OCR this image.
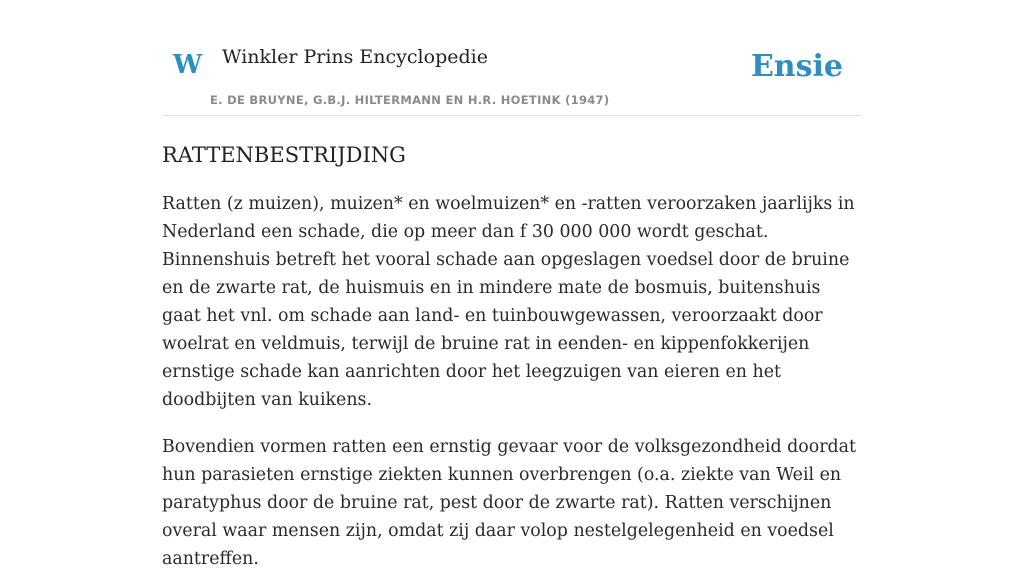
W Winkler Prins Encyclopedie
E. DE BRUYNE, G.B.J. HILTERMANN EN H.R. HOETINK (1947)
Ensie
RATTENBESTRIJDING

Ratten (z muizen), muizen* en woelmuizen* en -ratten veroorzaken jaarlijks in Nederland een schade, die op meer dan f 30 000 000 wordt geschat. Binnenshuis betreft het vooral schade aan opgeslagen voedsel door de bruine en de zwarte rat, de huismuis en in mindere mate de bosmuis, buitenshuis gaat het vnl. om schade aan land- en tuinbouwgewassen, veroorzaakt door woelrat en veldmuis, terwijl de bruine rat in eenden- en kippenfokkerijen ernstige schade kan aanrichten door het leegzuigen van eieren en het doodbijten van kuikens.

Bovendien vormen ratten een ernstig gevaar voor de volksgezondheid doordat hun parasieten ernstige ziekten kunnen overbrengen (o.a. ziekte van Weil en paratyphus door de bruine rat, pest door de zwarte rat). Ratten verschijnen overal waar mensen zijn, omdat zij daar volop nestelgelegenheid en voedsel aantreffen.
